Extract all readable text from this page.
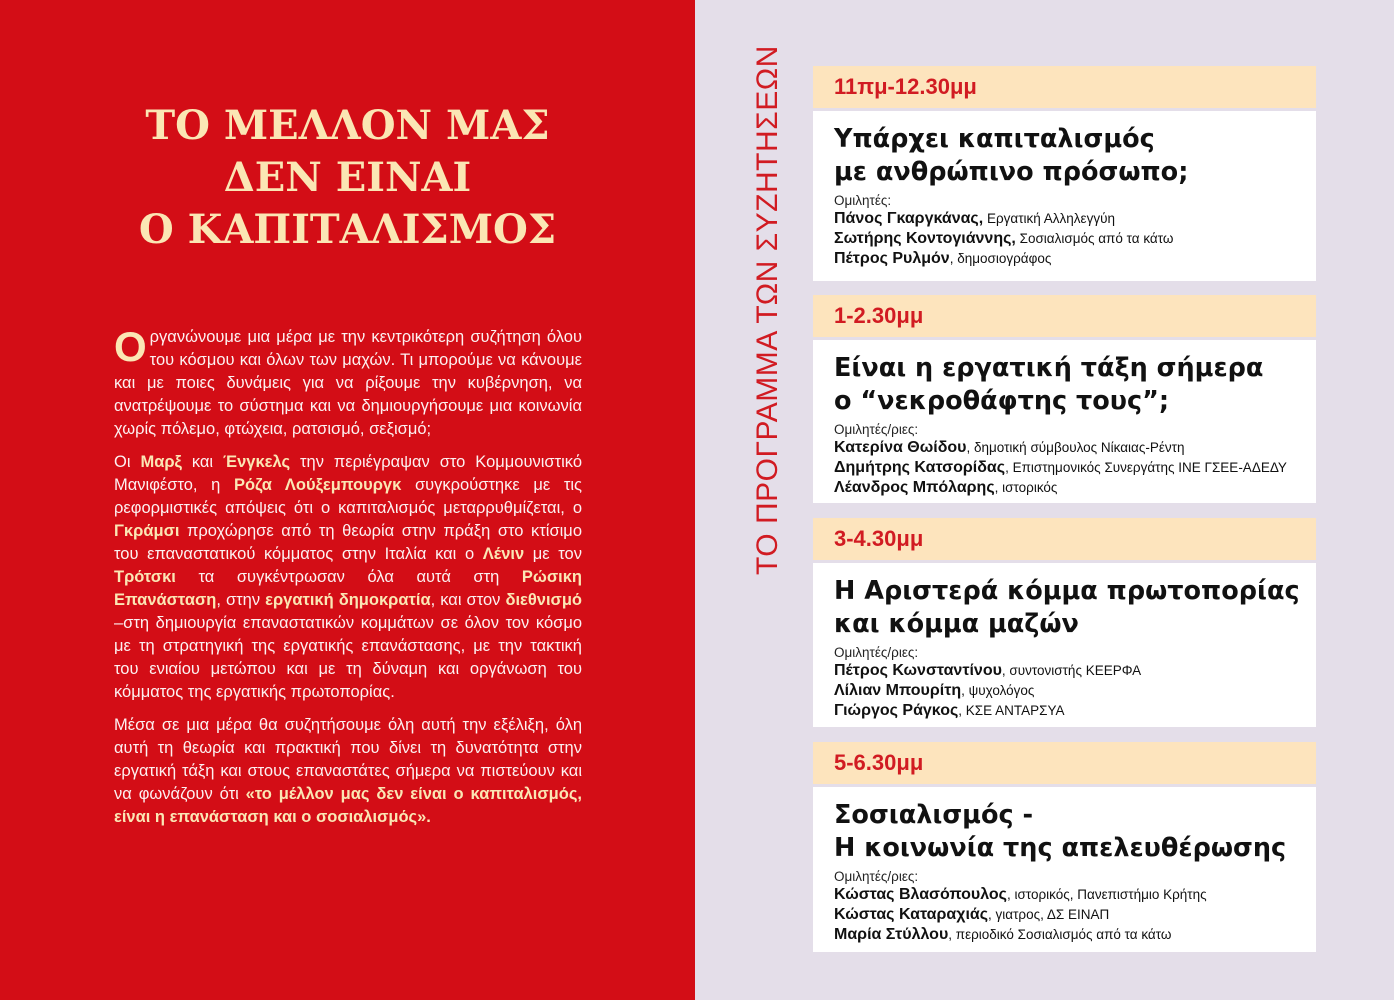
ΤΟ ΜΕΛΛΟΝ ΜΑΣ
ΔΕΝ ΕΙΝΑΙ
Ο ΚΑΠΙΤΑΛΙΣΜΟΣ

Oργανώνουμε μια μέρα με την κεντρικότερη συζήτηση όλου του κόσμου και όλων των μαχών. Τι μπορούμε να κάνουμε και με ποιες δυνάμεις για να ρίξουμε την κυβέρνηση, να ανατρέψουμε το σύστημα και να δημιουργήσουμε μια κοινωνία χωρίς πόλεμο, φτώχεια, ρατσισμό, σεξισμό;

Οι Μαρξ και Ένγκελς την περιέγραψαν στο Κομμουνιστικό Μανιφέστο, η Ρόζα Λούξεμπουργκ συγκρούστηκε με τις ρεφορμιστικές απόψεις ότι ο καπιταλισμός μεταρρυθμίζεται, ο Γκράμσι προχώρησε από τη θεωρία στην πράξη στο κτίσιμο του επαναστατικού κόμματος στην Ιταλία και ο Λένιν με τον Τρότσκι τα συγκέντρωσαν όλα αυτά στη Ρώσικη Επανάσταση, στην εργατική δημοκρατία, και στον διεθνισμό –στη δημιουργία επαναστατικών κομμάτων σε όλον τον κόσμο με τη στρατηγική της εργατικής επανάστασης, με την τακτική του ενιαίου μετώπου και με τη δύναμη και οργάνωση του κόμματος της εργατικής πρωτοπορίας.

Μέσα σε μια μέρα θα συζητήσουμε όλη αυτή την εξέλιξη, όλη αυτή τη θεωρία και πρακτική που δίνει τη δυνατότητα στην εργατική τάξη και στους επαναστάτες σήμερα να πιστεύουν και να φωνάζουν ότι «το μέλλον μας δεν είναι ο καπιταλισμός, είναι η επανάσταση και ο σοσιαλισμός».

ΤΟ ΠΡΟΓΡΑΜΜΑ ΤΩΝ ΣΥΖΗΤΗΣΕΩΝ	11πμ-12.30μμ
Υπάρχει καπιταλισμός
με ανθρώπινο πρόσωπο;
Ομιλητές:
Πάνος Γκαργκάνας, Εργατική Αλληλεγγύη
Σωτήρης Κοντογιάννης, Σοσιαλισμός από τα κάτω
Πέτρος Ρυλμόν, δημοσιογράφος
1-2.30μμ
Είναι η εργατική τάξη σήμερα
ο “νεκροθάφτης τους”;
Ομιλητές/ριες:
Κατερίνα Θωίδου, δημοτική σύμβουλος Νίκαιας-Ρέντη
Δημήτρης Κατσορίδας, Επιστημονικός Συνεργάτης ΙΝΕ ΓΣΕΕ-ΑΔΕΔΥ
Λέανδρος Μπόλαρης, ιστορικός
3-4.30μμ
Η Αριστερά κόμμα πρωτοπορίας
και κόμμα μαζών
Ομιλητές/ριες:
Πέτρος Κωνσταντίνου, συντονιστής ΚΕΕΡΦΑ
Λίλιαν Μπουρίτη, ψυχολόγος
Γιώργος Ράγκος, ΚΣΕ ΑΝΤΑΡΣΥΑ
5-6.30μμ
Σοσιαλισμός -
Η κοινωνία της απελευθέρωσης
Ομιλητές/ριες:
Κώστας Βλασόπουλος, ιστορικός, Πανεπιστήμιο Κρήτης
Κώστας Καταραχιάς, γιατρος, ΔΣ ΕΙΝΑΠ
Μαρία Στύλλου, περιοδικό Σοσιαλισμός από τα κάτω
